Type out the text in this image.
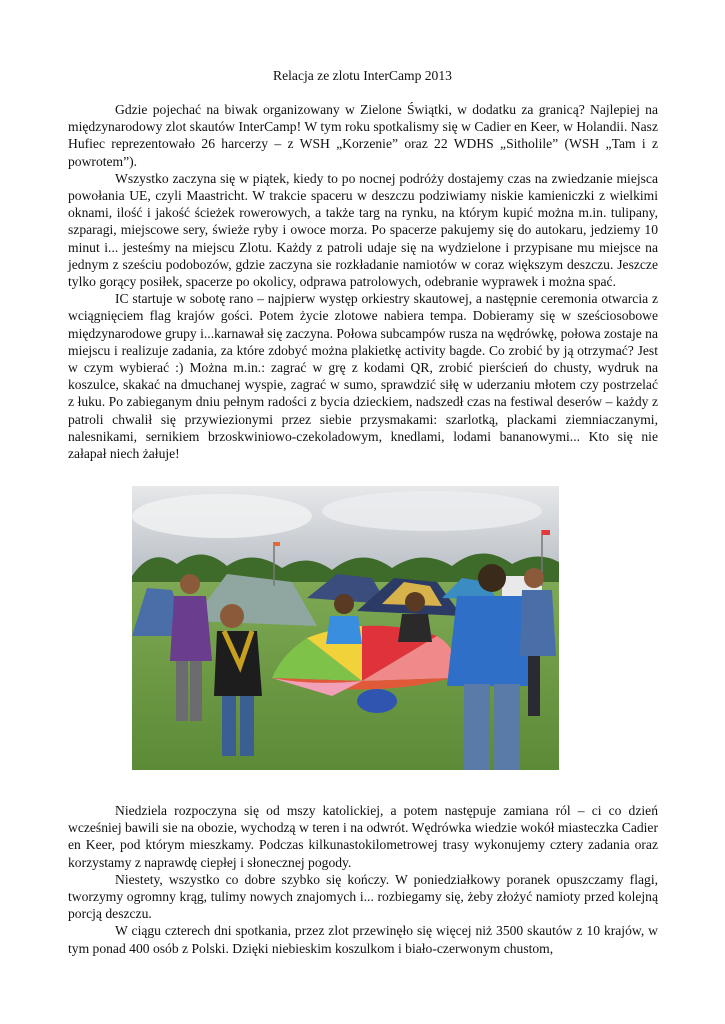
Relacja ze zlotu InterCamp 2013

Gdzie pojechać na biwak organizowany w Zielone Świątki, w dodatku za granicą? Najlepiej na międzynarodowy zlot skautów InterCamp! W tym roku spotkalismy się w Cadier en Keer, w Holandii. Nasz Hufiec reprezentowało 26 harcerzy – z WSH „Korzenie” oraz 22 WDHS „Sitholile” (WSH „Tam i z powrotem”).

Wszystko zaczyna się w piątek, kiedy to po nocnej podróży dostajemy czas na zwiedzanie miejsca powołania UE, czyli Maastricht. W trakcie spaceru w deszczu podziwiamy niskie kamieniczki z wielkimi oknami, ilość i jakość ścieżek rowerowych, a także targ na rynku, na którym kupić można m.in. tulipany, szparagi, miejscowe sery, świeże ryby i owoce morza. Po spacerze pakujemy się do autokaru, jedziemy 10 minut i... jesteśmy na miejscu Zlotu. Każdy z patroli udaje się na wydzielone i przypisane mu miejsce na jednym z sześciu podobozów, gdzie zaczyna sie rozkładanie namiotów w coraz większym deszczu. Jeszcze tylko gorący posiłek, spacerze po okolicy, odprawa patrolowych, odebranie wyprawek i można spać.

IC startuje w sobotę rano – najpierw występ orkiestry skautowej, a następnie ceremonia otwarcia z wciągnięciem flag krajów gości. Potem życie zlotowe nabiera tempa. Dobieramy się w sześciosobowe międzynarodowe grupy i...karnawał się zaczyna. Połowa subcampów rusza na wędrówkę, połowa zostaje na miejscu i realizuje zadania, za które zdobyć można plakietkę activity bagde. Co zrobić by ją otrzymać? Jest w czym wybierać :) Można m.in.: zagrać w grę z kodami QR, zrobić pierścień do chusty, wydruk na koszulce, skakać na dmuchanej wyspie, zagrać w sumo, sprawdzić siłę w uderzaniu młotem czy postrzelać z łuku. Po zabieganym dniu pełnym radości z bycia dzieckiem, nadszedł czas na festiwal deserów – każdy z patroli chwalił się przywiezionymi przez siebie przysmakami: szarlotką, plackami ziemniaczanymi, nalesnikami, sernikiem brzoskwiniowo-czekoladowym, knedlami, lodami bananowymi... Kto się nie załapał niech żałuje!

Niedziela rozpoczyna się od mszy katolickiej, a potem następuje zamiana ról – ci co dzień wcześniej bawili sie na obozie, wychodzą w teren i na odwrót. Wędrówka wiedzie wokół miasteczka Cadier en Keer, pod którym mieszkamy. Podczas kilkunastokilometrowej trasy wykonujemy cztery zadania oraz korzystamy z naprawdę ciepłej i słonecznej pogody.

Niestety, wszystko co dobre szybko się kończy. W poniedziałkowy poranek opuszczamy flagi, tworzymy ogromny krąg, tulimy nowych znajomych i... rozbiegamy się, żeby złożyć namioty przed kolejną porcją deszczu.

W ciągu czterech dni spotkania, przez zlot przewinęło się więcej niż 3500 skautów z 10 krajów, w tym ponad 400 osób z Polski. Dzięki niebieskim koszulkom i biało-czerwonym chustom,
